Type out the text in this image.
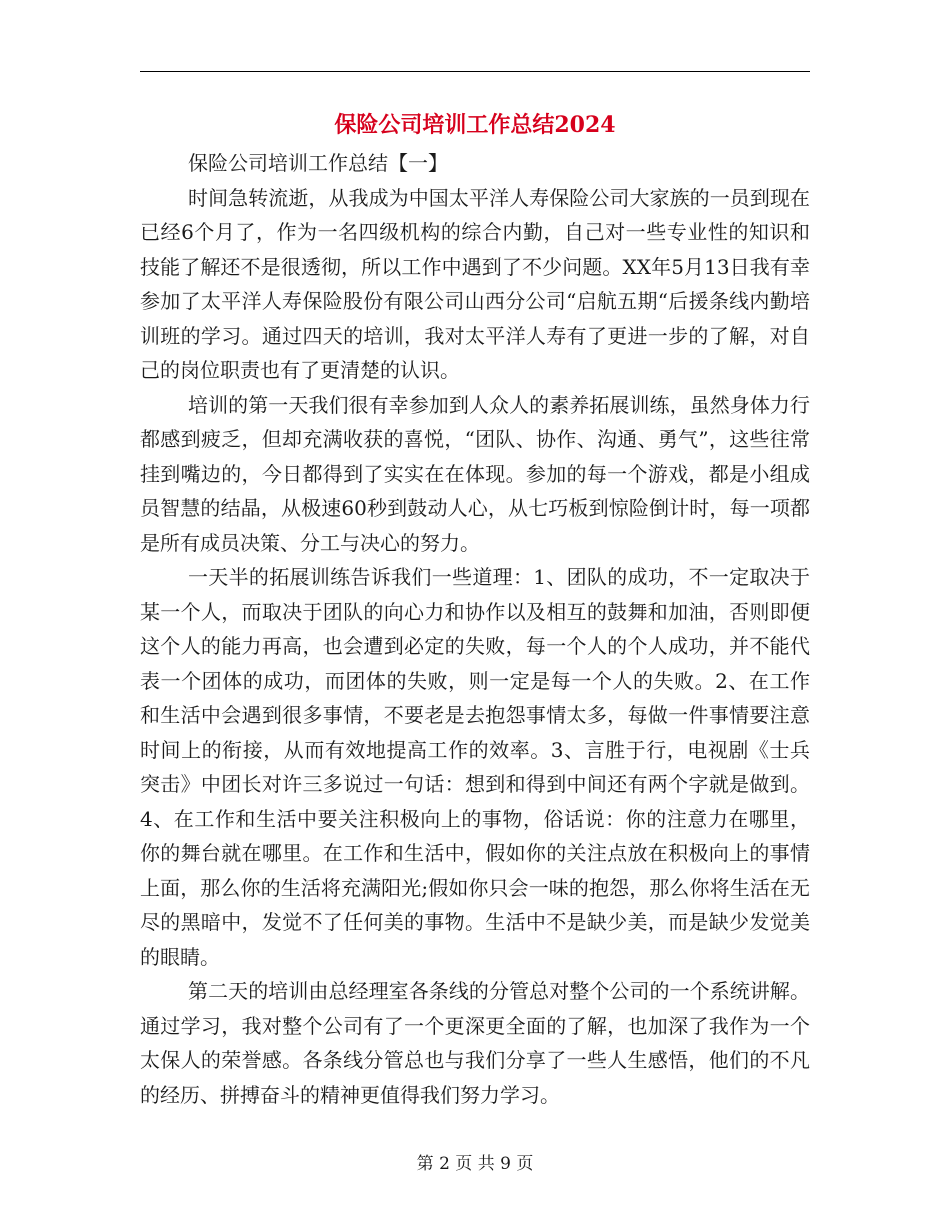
保险公司培训工作总结2024

保险公司培训工作总结【一】

时间急转流逝，从我成为中国太平洋人寿保险公司大家族的一员到现在已经6个月了，作为一名四级机构的综合内勤，自己对一些专业性的知识和技能了解还不是很透彻，所以工作中遇到了不少问题。XX年5月13日我有幸参加了太平洋人寿保险股份有限公司山西分公司“启航五期“后援条线内勤培训班的学习。通过四天的培训，我对太平洋人寿有了更进一步的了解，对自己的岗位职责也有了更清楚的认识。

培训的第一天我们很有幸参加到人众人的素养拓展训练，虽然身体力行都感到疲乏，但却充满收获的喜悦，“团队、协作、沟通、勇气”，这些往常挂到嘴边的，今日都得到了实实在在体现。参加的每一个游戏，都是小组成员智慧的结晶，从极速60秒到鼓动人心，从七巧板到惊险倒计时，每一项都是所有成员决策、分工与决心的努力。

一天半的拓展训练告诉我们一些道理：1、团队的成功，不一定取决于某一个人，而取决于团队的向心力和协作以及相互的鼓舞和加油，否则即便这个人的能力再高，也会遭到必定的失败，每一个人的个人成功，并不能代表一个团体的成功，而团体的失败，则一定是每一个人的失败。2、在工作和生活中会遇到很多事情，不要老是去抱怨事情太多，每做一件事情要注意时间上的衔接，从而有效地提高工作的效率。3、言胜于行，电视剧《士兵突击》中团长对许三多说过一句话：想到和得到中间还有两个字就是做到。4、在工作和生活中要关注积极向上的事物，俗话说：你的注意力在哪里，你的舞台就在哪里。在工作和生活中，假如你的关注点放在积极向上的事情上面，那么你的生活将充满阳光;假如你只会一味的抱怨，那么你将生活在无尽的黑暗中，发觉不了任何美的事物。生活中不是缺少美，而是缺少发觉美的眼睛。

第二天的培训由总经理室各条线的分管总对整个公司的一个系统讲解。通过学习，我对整个公司有了一个更深更全面的了解，也加深了我作为一个太保人的荣誉感。各条线分管总也与我们分享了一些人生感悟，他们的不凡的经历、拼搏奋斗的精神更值得我们努力学习。

第 2 页 共 9 页
